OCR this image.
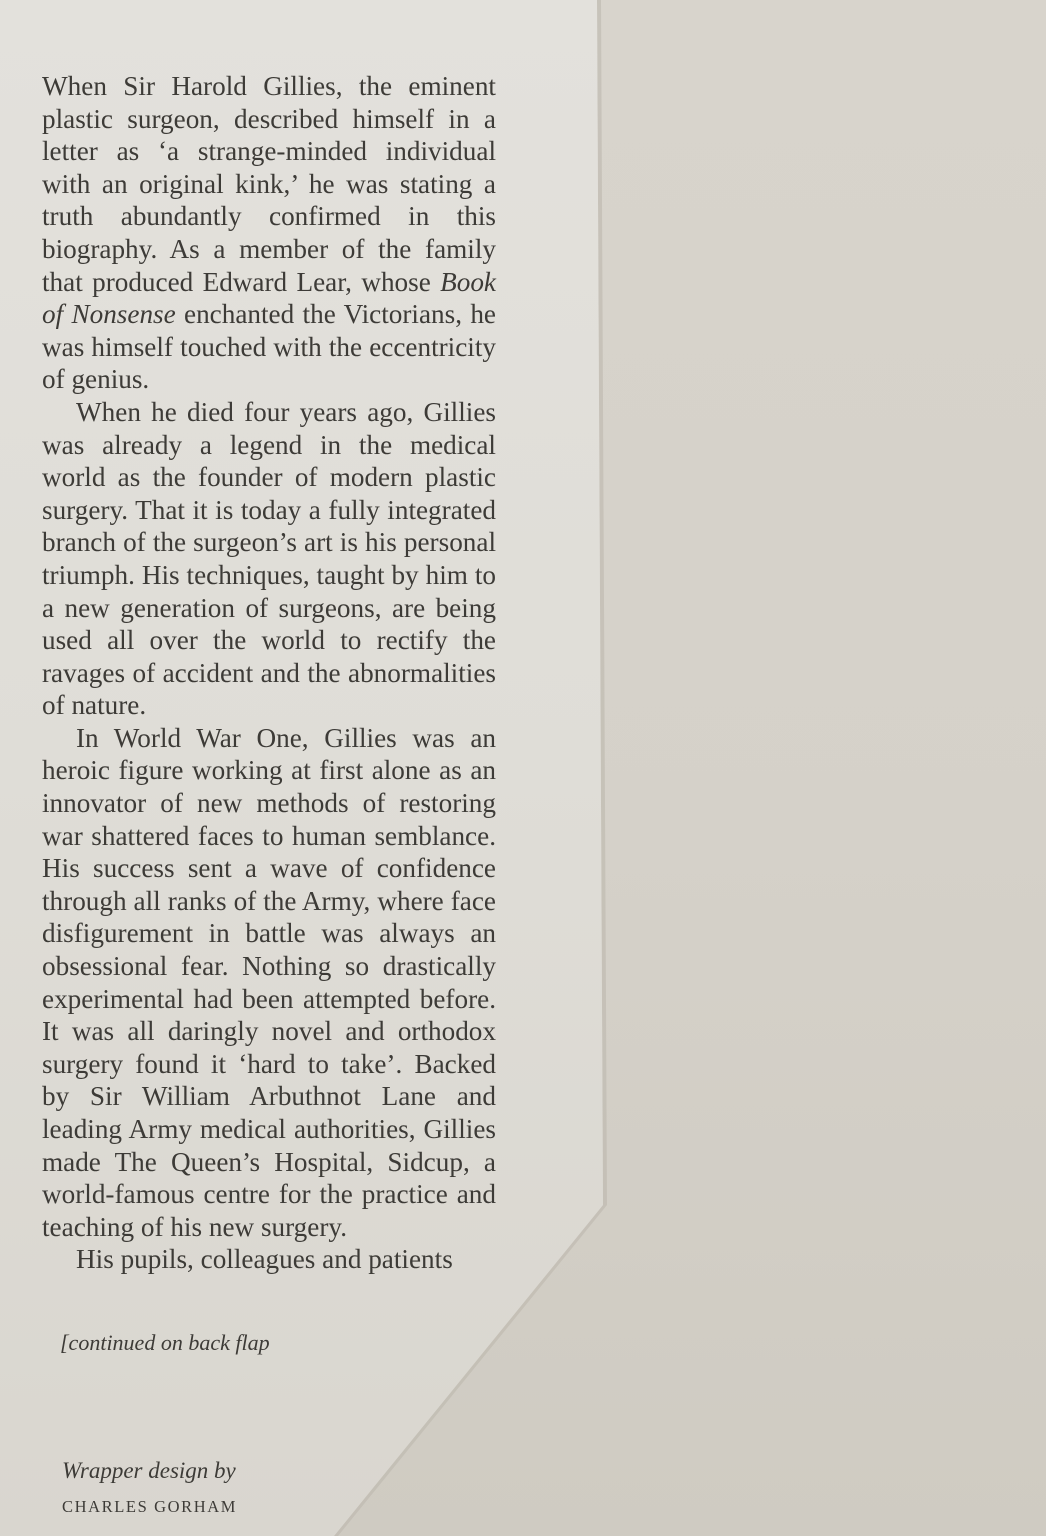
When Sir Harold Gillies, the eminent plastic surgeon, described himself in a letter as ‘a strange-minded individual with an original kink,’ he was stating a truth abundantly confirmed in this biography. As a member of the family that produced Edward Lear, whose Book of Nonsense enchanted the Victorians, he was himself touched with the eccentricity of genius.

When he died four years ago, Gillies was already a legend in the medical world as the founder of modern plastic surgery. That it is today a fully integrated branch of the surgeon’s art is his personal triumph. His techniques, taught by him to a new generation of surgeons, are being used all over the world to rectify the ravages of accident and the abnormalities of nature.

In World War One, Gillies was an heroic figure working at first alone as an innovator of new methods of restoring war shattered faces to human semblance. His success sent a wave of confidence through all ranks of the Army, where face disfigurement in battle was always an obsessional fear. Nothing so drastically experimental had been attempted before. It was all daringly novel and orthodox surgery found it ‘hard to take’. Backed by Sir William Arbuthnot Lane and leading Army medical authorities, Gillies made The Queen’s Hospital, Sidcup, a world-famous centre for the practice and teaching of his new surgery.

His pupils, colleagues and patients

[continued on back flap
Wrapper design by
CHARLES GORHAM
